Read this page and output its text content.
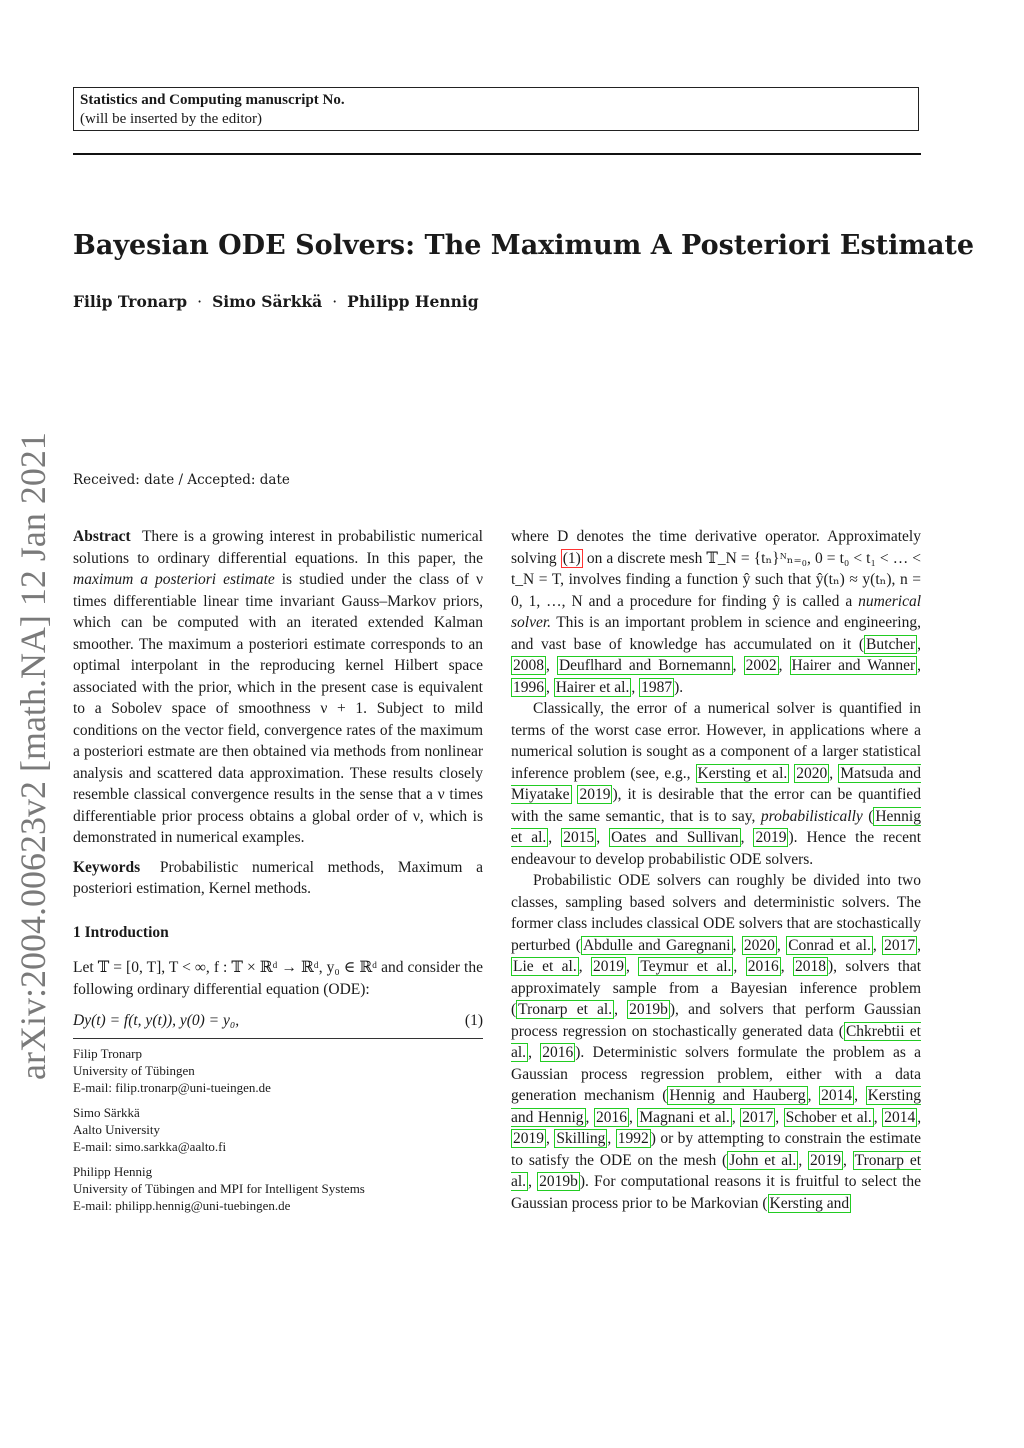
Statistics and Computing manuscript No.
(will be inserted by the editor)
Bayesian ODE Solvers: The Maximum A Posteriori Estimate
Filip Tronarp · Simo Särkkä · Philipp Hennig
Received: date / Accepted: date
arXiv:2004.00623v2 [math.NA] 12 Jan 2021 Abstract There is a growing interest in probabilistic numerical solutions to ordinary differential equations. In this paper, the maximum a posteriori estimate is studied under the class of ν times differentiable linear time invariant Gauss–Markov priors, which can be computed with an iterated extended Kalman smoother. The maximum a posteriori estimate corresponds to an optimal interpolant in the reproducing kernel Hilbert space associated with the prior, which in the present case is equivalent to a Sobolev space of smoothness ν + 1. Subject to mild conditions on the vector field, convergence rates of the maximum a posteriori estmate are then obtained via methods from nonlinear analysis and scattered data approximation. These results closely resemble classical convergence results in the sense that a ν times differentiable prior process obtains a global order of ν, which is demonstrated in numerical examples.

Keywords Probabilistic numerical methods, Maximum a posteriori estimation, Kernel methods.

1 Introduction

Let 𝕋 = [0, T], T < ∞, f : 𝕋 × ℝᵈ → ℝᵈ, y₀ ∈ ℝᵈ and consider the following ordinary differential equation (ODE):

Dy(t) = f(t, y(t)), y(0) = y₀,	(1)
Filip Tronarp
University of Tübingen
E-mail: filip.tronarp@uni-tueingen.de
Simo Särkkä
Aalto University
E-mail: simo.sarkka@aalto.fi
Philipp Hennig
University of Tübingen and MPI for Intelligent Systems
E-mail: philipp.hennig@uni-tuebingen.de

where D denotes the time derivative operator. Approximately solving (1) on a discrete mesh 𝕋_N = {tₙ}ᴺₙ₌₀, 0 = t₀ < t₁ < … < t_N = T, involves finding a function ŷ such that ŷ(tₙ) ≈ y(tₙ), n = 0, 1, …, N and a procedure for finding ŷ is called a numerical solver. This is an important problem in science and engineering, and vast base of knowledge has accumulated on it ( Butcher , 2008 , Deuflhard and Bornemann , 2002 , Hairer and Wanner , 1996 , Hairer et al. , 1987 ).

Classically, the error of a numerical solver is quantified in terms of the worst case error. However, in applications where a numerical solution is sought as a component of a larger statistical inference problem (see, e.g., Kersting et al. 2020 , Matsuda and Miyatake 2019 ), it is desirable that the error can be quantified with the same semantic, that is to say, probabilistically ( Hennig et al. , 2015 , Oates and Sullivan , 2019 ). Hence the recent endeavour to develop probabilistic ODE solvers.

Probabilistic ODE solvers can roughly be divided into two classes, sampling based solvers and deterministic solvers. The former class includes classical ODE solvers that are stochastically perturbed ( Abdulle and Garegnani , 2020 , Conrad et al. , 2017 , Lie et al. , 2019 , Teymur et al. , 2016 , 2018 ), solvers that approximately sample from a Bayesian inference problem ( Tronarp et al. , 2019b ), and solvers that perform Gaussian process regression on stochastically generated data ( Chkrebtii et al. , 2016 ). Deterministic solvers formulate the problem as a Gaussian process regression problem, either with a data generation mechanism ( Hennig and Hauberg , 2014 , Kersting and Hennig , 2016 , Magnani et al. , 2017 , Schober et al. , 2014 , 2019 , Skilling , 1992 ) or by attempting to constrain the estimate to satisfy the ODE on the mesh ( John et al. , 2019 , Tronarp et al. , 2019b ). For computational reasons it is fruitful to select the Gaussian process prior to be Markovian ( Kersting and
